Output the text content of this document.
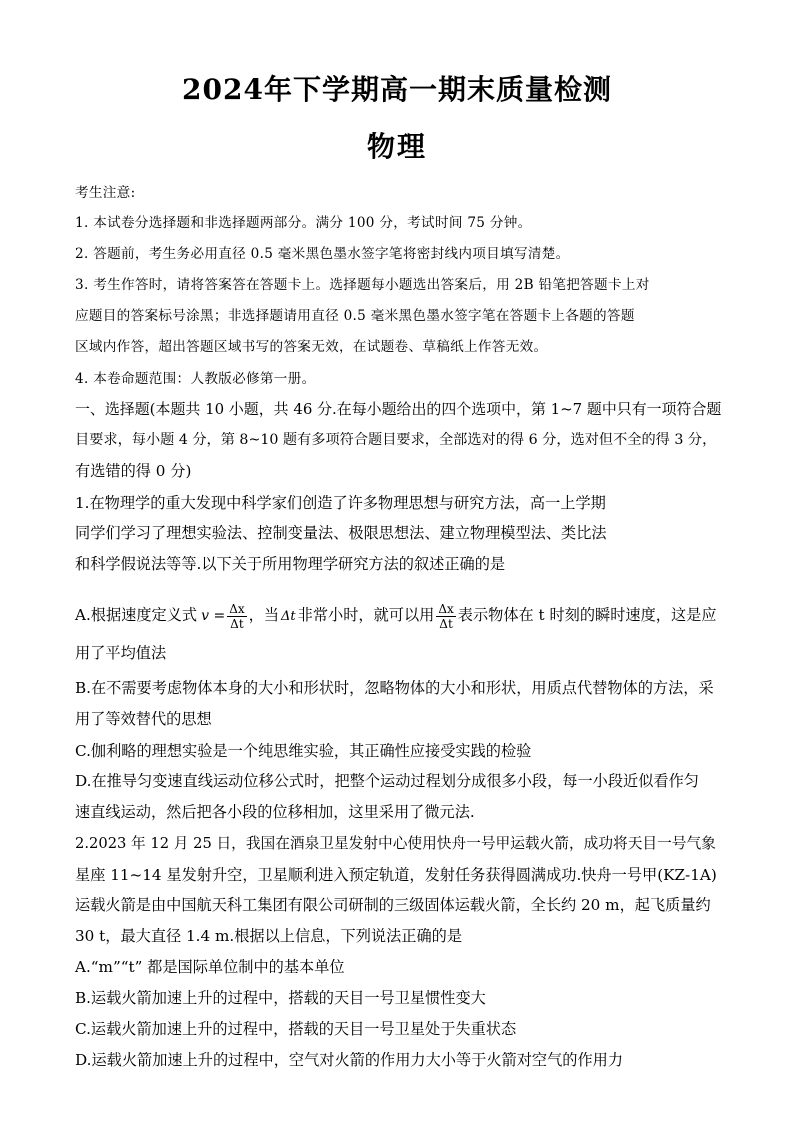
2024年下学期高一期末质量检测
物理
考生注意:
1. 本试卷分选择题和非选择题两部分。满分 100 分，考试时间 75 分钟。
2. 答题前，考生务必用直径 0.5 毫米黑色墨水签字笔将密封线内项目填写清楚。
3. 考生作答时，请将答案答在答题卡上。选择题每小题选出答案后，用 2B 铅笔把答题卡上对
应题目的答案标号涂黑；非选择题请用直径 0.5 毫米黑色墨水签字笔在答题卡上各题的答题
区域内作答，超出答题区域书写的答案无效，在试题卷、草稿纸上作答无效。
4. 本卷命题范围：人教版必修第一册。
一、选择题(本题共 10 小题，共 46 分.在每小题给出的四个选项中，第 1~7 题中只有一项符合题
目要求，每小题 4 分，第 8~10 题有多项符合题目要求，全部选对的得 6 分，选对但不全的得 3 分，
有选错的得 0 分)
1.在物理学的重大发现中科学家们创造了许多物理思想与研究方法，高一上学期
同学们学习了理想实验法、控制变量法、极限思想法、建立物理模型法、类比法
和科学假说法等等.以下关于所用物理学研究方法的叙述正确的是
A.根据速度定义式 $v = \frac{\Delta x}{\Delta t}$ ，当 Δt 非常小时，就可以用 $\frac{\Delta x}{\Delta t}$ 表示物体在 t 时刻的瞬时速度，这是应
用了平均值法
B.在不需要考虑物体本身的大小和形状时，忽略物体的大小和形状，用质点代替物体的方法，采
用了等效替代的思想
C.伽利略的理想实验是一个纯思维实验，其正确性应接受实践的检验
D.在推导匀变速直线运动位移公式时，把整个运动过程划分成很多小段，每一小段近似看作匀
速直线运动，然后把各小段的位移相加，这里采用了微元法.
2.2023 年 12 月 25 日，我国在酒泉卫星发射中心使用快舟一号甲运载火箭，成功将天目一号气象
星座 11~14 星发射升空，卫星顺利进入预定轨道，发射任务获得圆满成功.快舟一号甲(KZ-1A)
运载火箭是由中国航天科工集团有限公司研制的三级固体运载火箭，全长约 20 m，起飞质量约
30 t，最大直径 1.4 m.根据以上信息，下列说法正确的是
A.“m”“t” 都是国际单位制中的基本单位
B.运载火箭加速上升的过程中，搭载的天目一号卫星惯性变大
C.运载火箭加速上升的过程中，搭载的天目一号卫星处于失重状态
D.运载火箭加速上升的过程中，空气对火箭的作用力大小等于火箭对空气的作用力
